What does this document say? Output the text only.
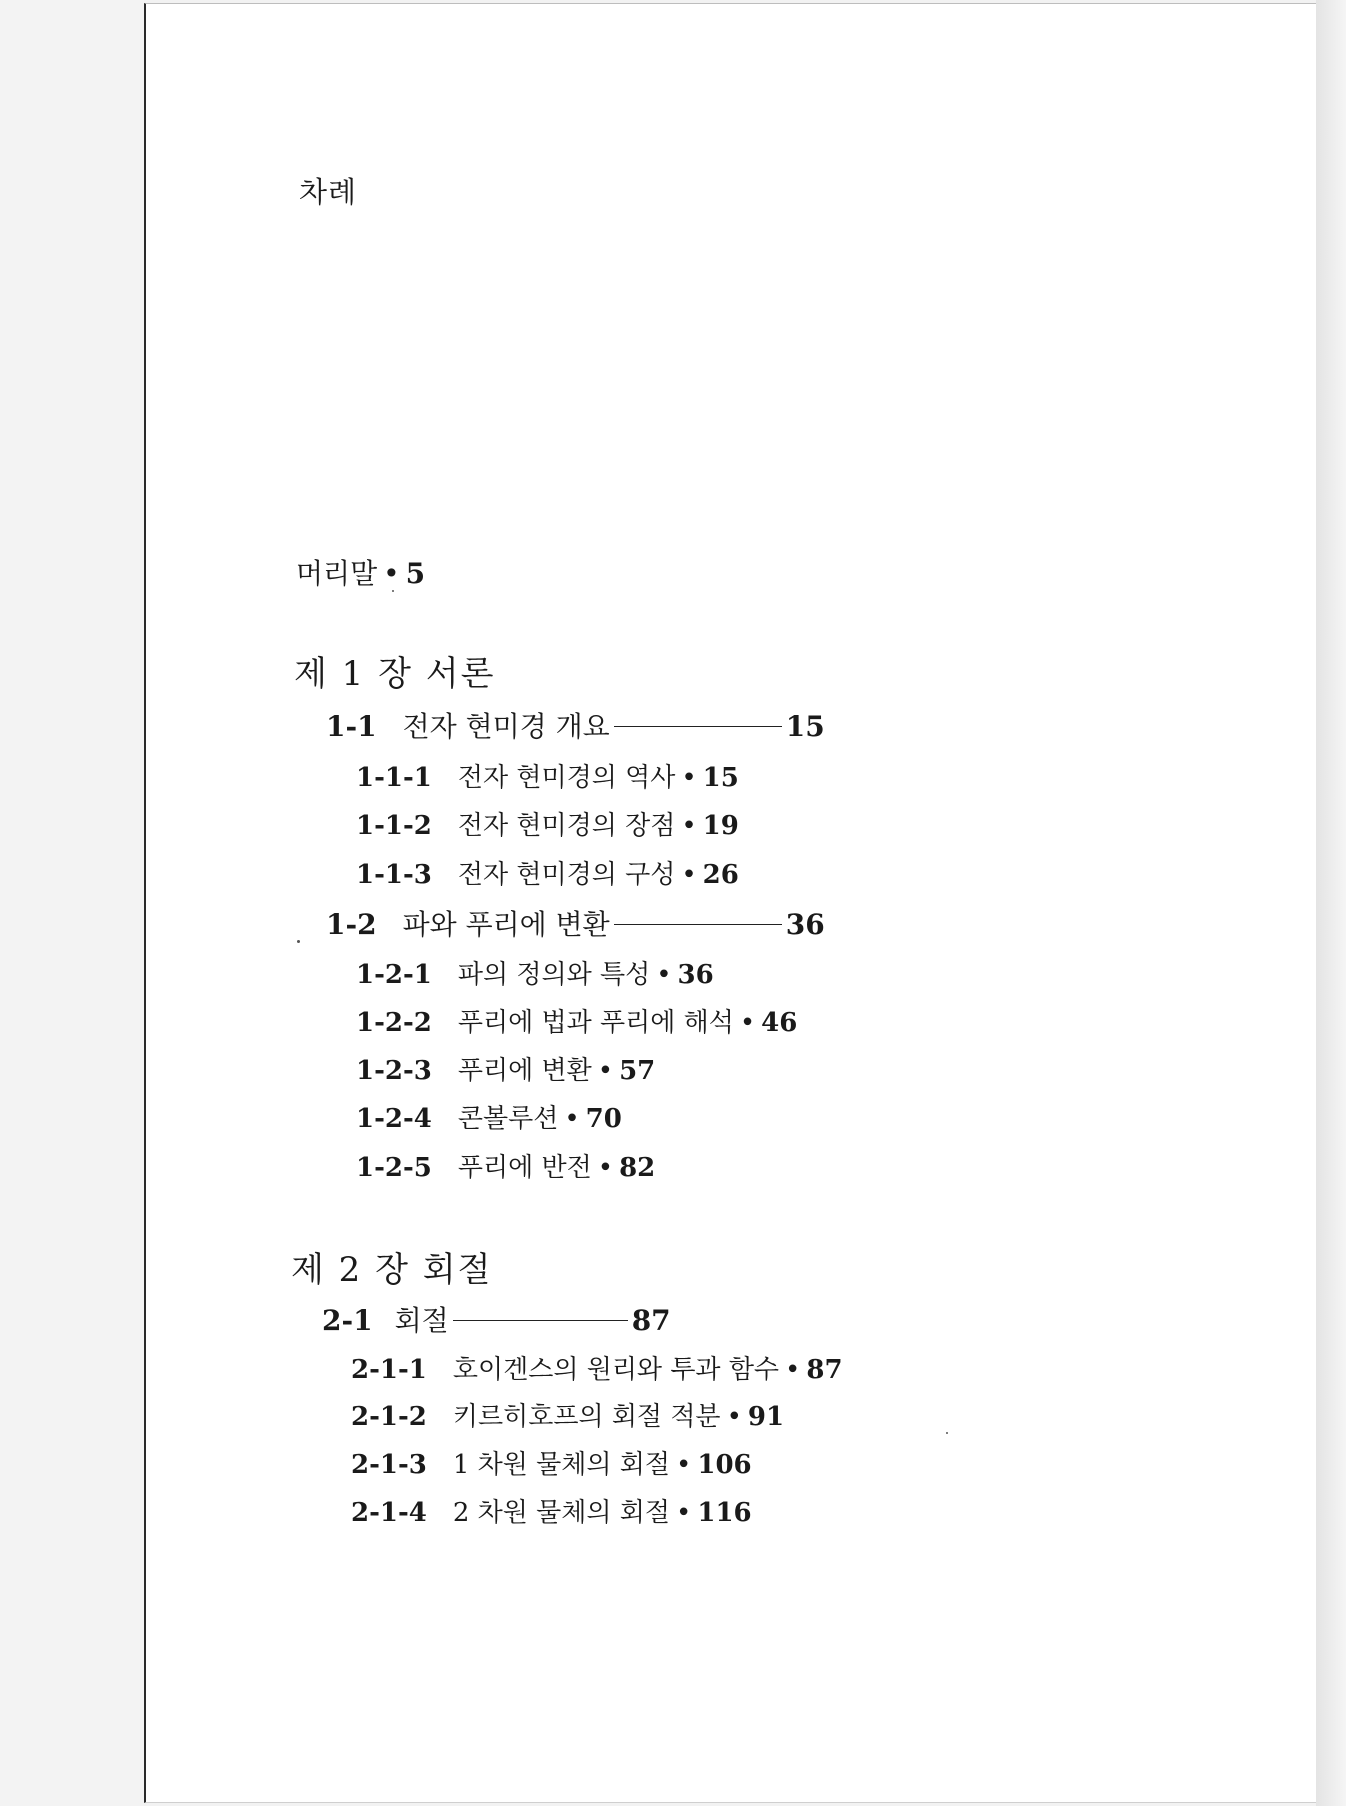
차례
머리말 • 5
제 1 장 서론
1-1 전자 현미경 개요	15
1-1-1 전자 현미경의 역사 • 15
1-1-2 전자 현미경의 장점 • 19
1-1-3 전자 현미경의 구성 • 26
1-2 파와 푸리에 변환	36
1-2-1 파의 정의와 특성 • 36
1-2-2 푸리에 법과 푸리에 해석 • 46
1-2-3 푸리에 변환 • 57
1-2-4 콘볼루션 • 70
1-2-5 푸리에 반전 • 82
제 2 장 회절
2-1 회절	87
2-1-1 호이겐스의 원리와 투과 함수 • 87
2-1-2 키르히호프의 회절 적분 • 91
2-1-3 1 차원 물체의 회절 • 106
2-1-4 2 차원 물체의 회절 • 116
